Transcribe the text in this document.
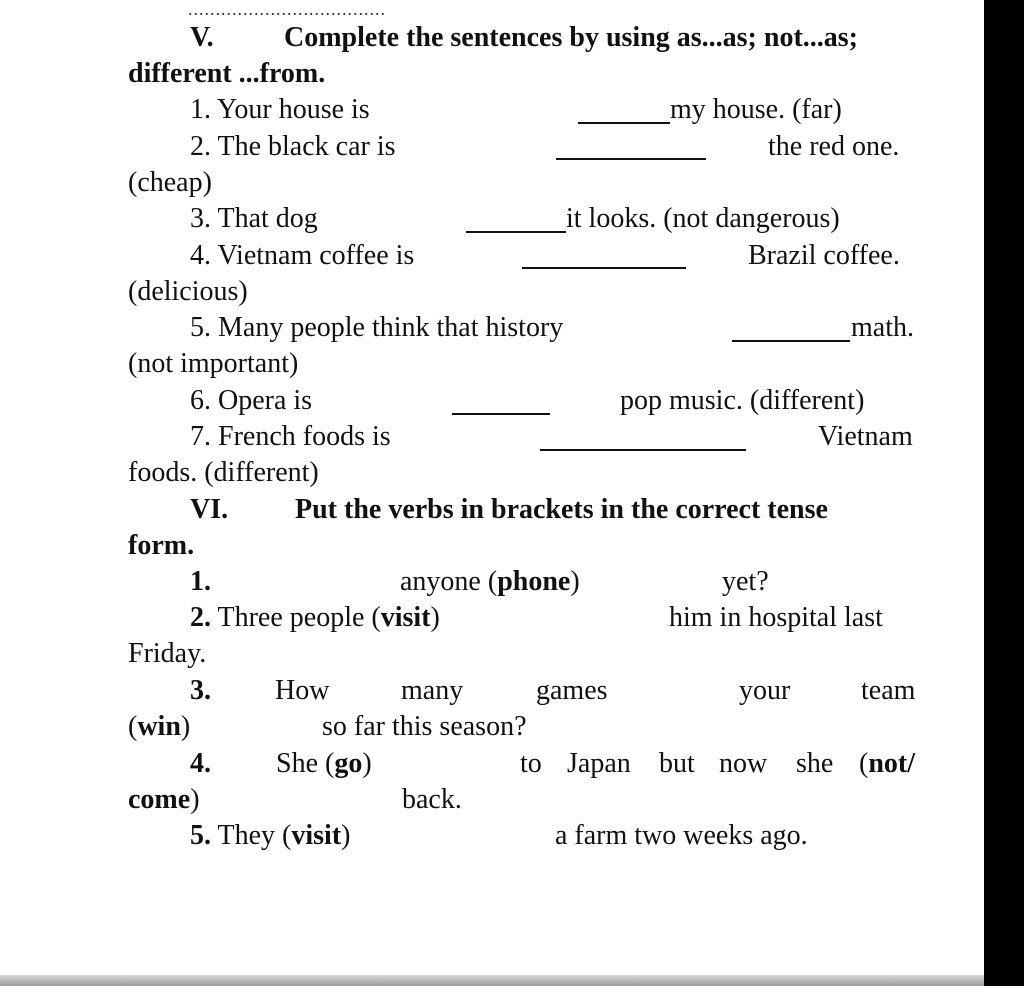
....................................
V.	Complete the sentences by using as...as; not...as;
different ...from.
1. Your house is	my house. (far)
2. The black car is	the red one.
(cheap)
3. That dog	it looks. (not dangerous)
4. Vietnam coffee is	Brazil coffee.
(delicious)
5. Many people think that history	math.
(not important)
6. Opera is	pop music. (different)
7. French foods is	Vietnam
foods. (different)
VI. Put the verbs in brackets in the correct tense
form.
1.	anyone (phone)	yet?
2. Three people (visit)	him in hospital last
Friday.
3. How	many	games	your	team
(win)	so far this season?
4. She (go)	to Japan but now she (not/
come)	back.
5. They (visit)	a farm two weeks ago.
